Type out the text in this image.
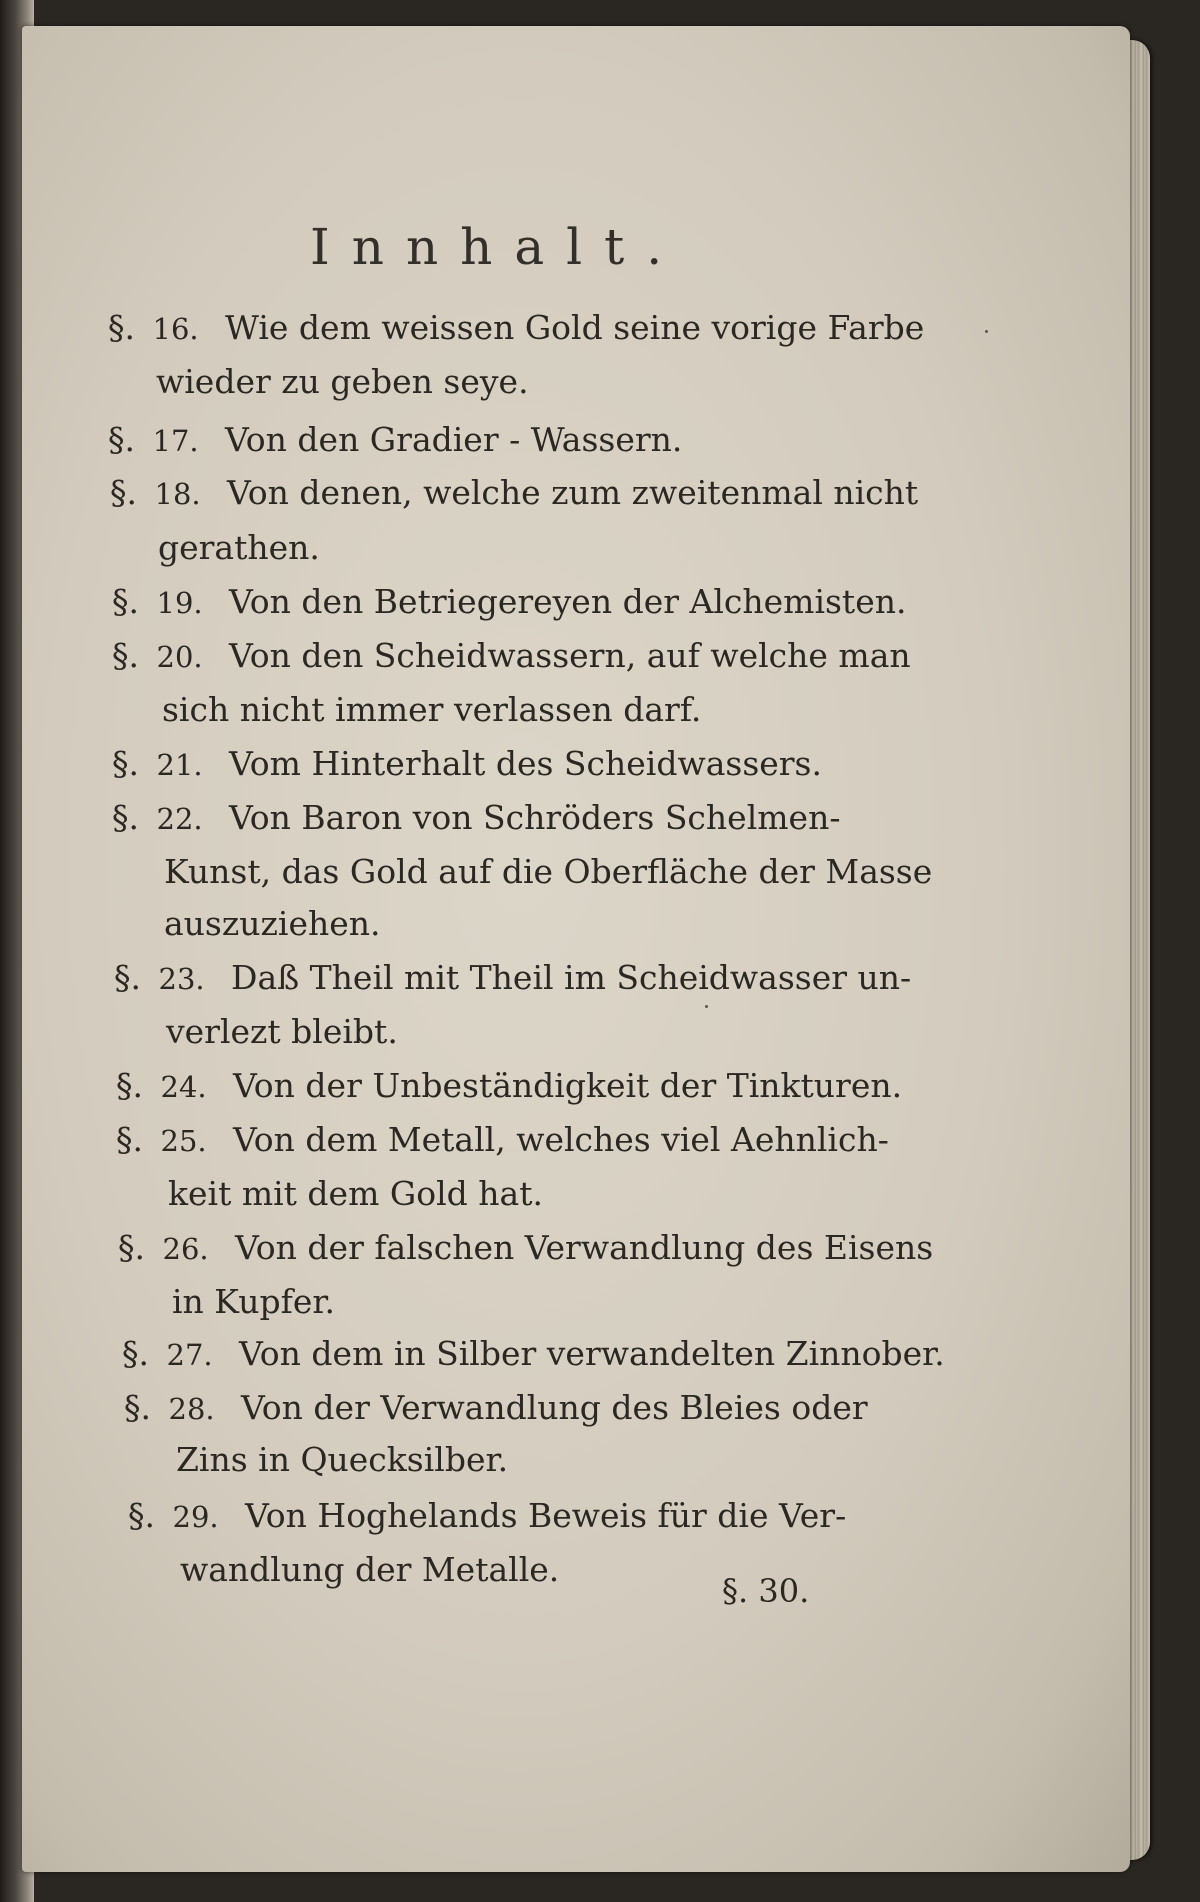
Innhalt.
§. 16. Wie dem weissen Gold seine vorige Farbe
wieder zu geben seye.
§. 17. Von den Gradier - Wassern.
§. 18. Von denen, welche zum zweitenmal nicht
gerathen.
§. 19. Von den Betriegereyen der Alchemisten.
§. 20. Von den Scheidwassern, auf welche man
sich nicht immer verlassen darf.
§. 21. Vom Hinterhalt des Scheidwassers.
§. 22. Von Baron von Schröders Schelmen-
Kunst, das Gold auf die Oberfläche der Masse
auszuziehen.
§. 23. Daß Theil mit Theil im Scheidwasser un-
verlezt bleibt.
§. 24. Von der Unbeständigkeit der Tinkturen.
§. 25. Von dem Metall, welches viel Aehnlich-
keit mit dem Gold hat.
§. 26. Von der falschen Verwandlung des Eisens
in Kupfer.
§. 27. Von dem in Silber verwandelten Zinnober.
§. 28. Von der Verwandlung des Bleies oder
Zins in Quecksilber.
§. 29. Von Hoghelands Beweis für die Ver-
wandlung der Metalle.
§. 30.
